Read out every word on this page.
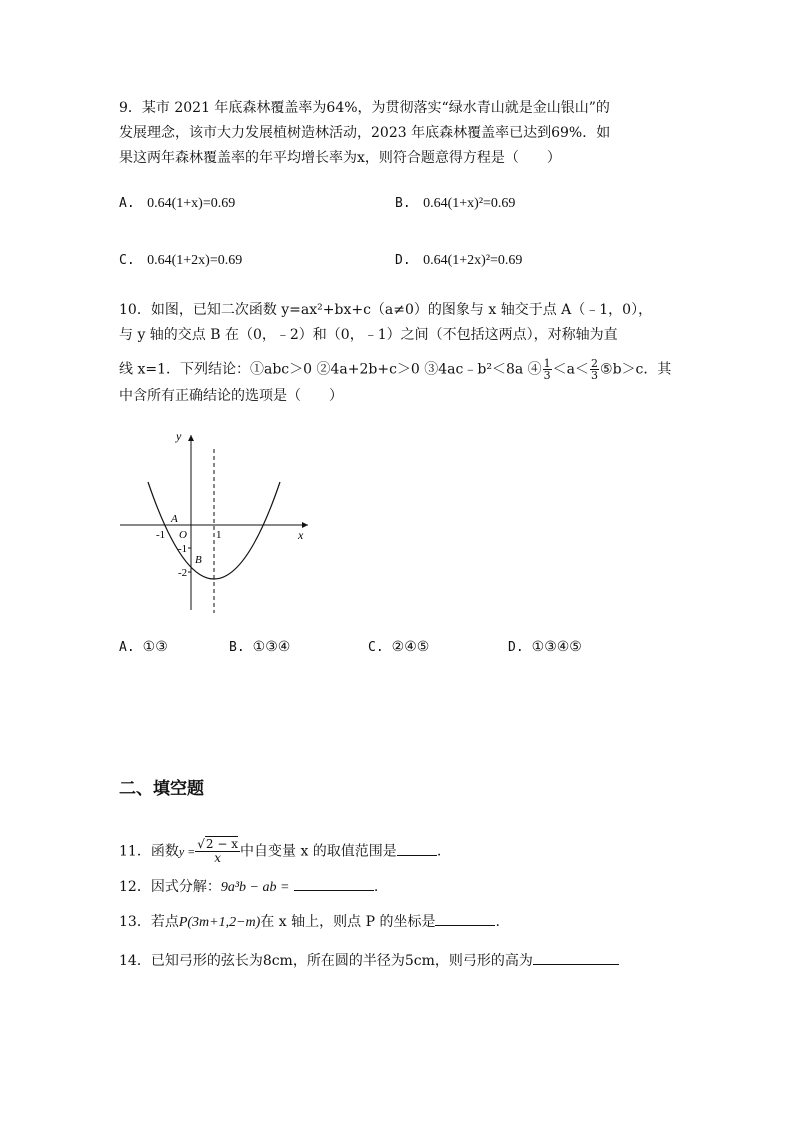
9．某市 2021 年底森林覆盖率为64%，为贯彻落实“绿水青山就是金山银山”的
发展理念，该市大力发展植树造林活动，2023 年底森林覆盖率已达到69%．如
果这两年森林覆盖率的年平均增长率为x，则符合题意得方程是（　　）
A. 0.64(1+x)=0.69	B. 0.64(1+x)²=0.69
C. 0.64(1+2x)=0.69	D. 0.64(1+2x)²=0.69
10．如图，已知二次函数 y=ax²+bx+c（a≠0）的图象与 x 轴交于点 A（﹣1，0），
与 y 轴的交点 B 在（0，﹣2）和（0，﹣1）之间（不包括这两点），对称轴为直
线 x=1．下列结论：①abc＞0 ②4a+2b+c＞0 ③4ac﹣b²＜8a ④ $\frac{1}{3} <a< \frac{2}{3}$ ⑤b＞c．其
中含所有正确结论的选项是（　　）
y
x
O
A
B
-1	1
-1
-2
A. ①③	B. ①③④	C. ②④⑤	D. ①③④⑤
二、填空题
11．函数$y = \frac{√2 - x}{x}$ 中自变量 x 的取值范围是	.
12．因式分解：9a³b − ab =	.
13．若点P(3m+1,2−m)在 x 轴上，则点 P 的坐标是	.
14．已知弓形的弦长为8cm，所在圆的半径为5cm，则弓形的高为
